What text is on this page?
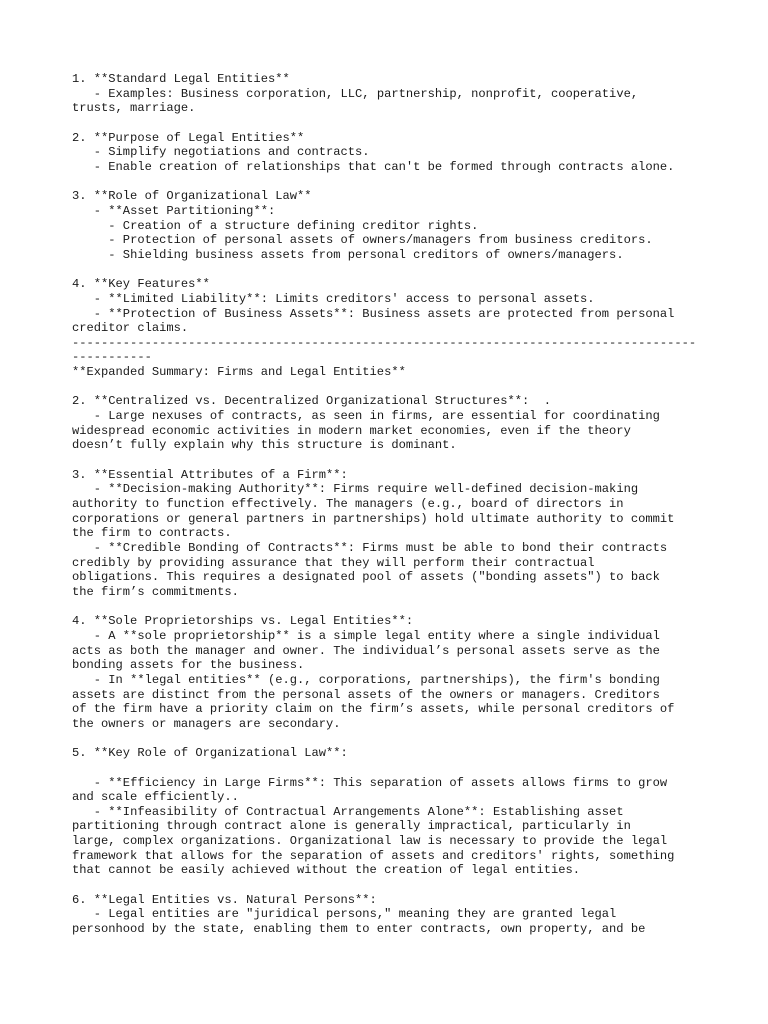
1. **Standard Legal Entities**
- Examples: Business corporation, LLC, partnership, nonprofit, cooperative,
trusts, marriage.

2. **Purpose of Legal Entities**
- Simplify negotiations and contracts.
- Enable creation of relationships that can't be formed through contracts alone.

3. **Role of Organizational Law**
- **Asset Partitioning**:
- Creation of a structure defining creditor rights.
- Protection of personal assets of owners/managers from business creditors.
- Shielding business assets from personal creditors of owners/managers.

4. **Key Features**
- **Limited Liability**: Limits creditors' access to personal assets.
- **Protection of Business Assets**: Business assets are protected from personal
creditor claims.
-------------------------------------------------------------------------------------------------
**Expanded Summary: Firms and Legal Entities**

2. **Centralized vs. Decentralized Organizational Structures**:  .
- Large nexuses of contracts, as seen in firms, are essential for coordinating
widespread economic activities in modern market economies, even if the theory
doesn’t fully explain why this structure is dominant.

3. **Essential Attributes of a Firm**:
- **Decision-making Authority**: Firms require well-defined decision-making
authority to function effectively. The managers (e.g., board of directors in
corporations or general partners in partnerships) hold ultimate authority to commit
the firm to contracts.
- **Credible Bonding of Contracts**: Firms must be able to bond their contracts
credibly by providing assurance that they will perform their contractual
obligations. This requires a designated pool of assets ("bonding assets") to back
the firm’s commitments.

4. **Sole Proprietorships vs. Legal Entities**:
- A **sole proprietorship** is a simple legal entity where a single individual
acts as both the manager and owner. The individual’s personal assets serve as the
bonding assets for the business.
- In **legal entities** (e.g., corporations, partnerships), the firm's bonding
assets are distinct from the personal assets of the owners or managers. Creditors
of the firm have a priority claim on the firm’s assets, while personal creditors of
the owners or managers are secondary.

5. **Key Role of Organizational Law**:

- **Efficiency in Large Firms**: This separation of assets allows firms to grow
and scale efficiently..
- **Infeasibility of Contractual Arrangements Alone**: Establishing asset
partitioning through contract alone is generally impractical, particularly in
large, complex organizations. Organizational law is necessary to provide the legal
framework that allows for the separation of assets and creditors' rights, something
that cannot be easily achieved without the creation of legal entities.

6. **Legal Entities vs. Natural Persons**:
- Legal entities are "juridical persons," meaning they are granted legal
personhood by the state, enabling them to enter contracts, own property, and be
